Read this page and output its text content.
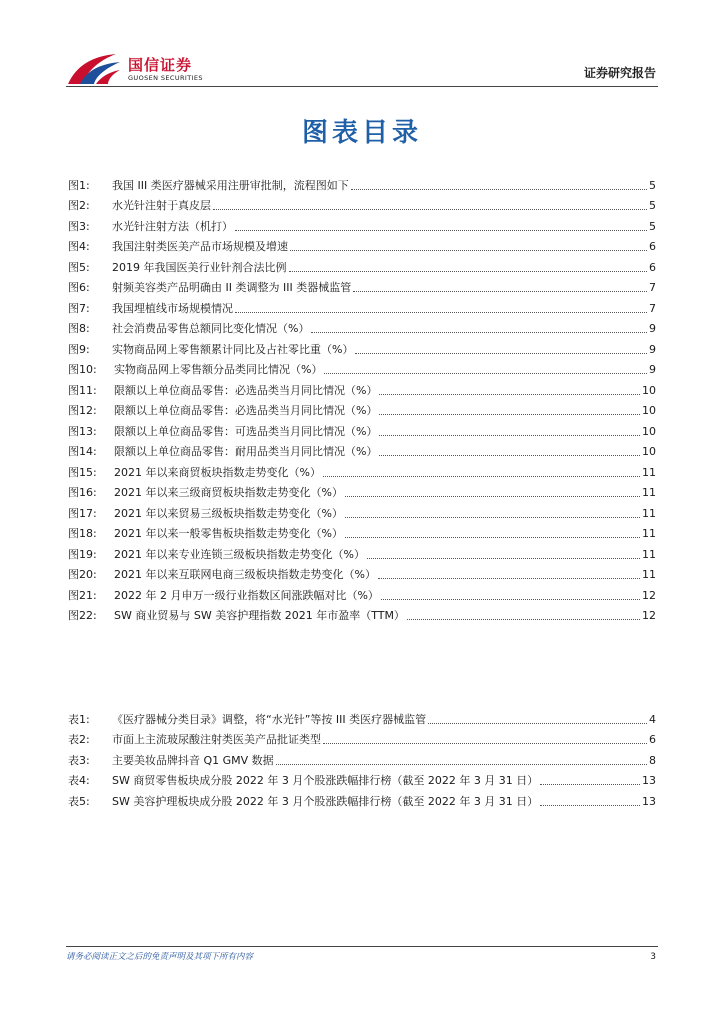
国信证券
GUOSEN SECURITIES	证券研究报告
图表目录
图1:	我国 III 类医疗器械采用注册审批制，流程图如下	5
图2:	水光针注射于真皮层	5
图3:	水光针注射方法（机打）	5
图4:	我国注射类医美产品市场规模及增速	6
图5:	2019 年我国医美行业针剂合法比例	6
图6:	射频美容类产品明确由 II 类调整为 III 类器械监管	7
图7:	我国埋植线市场规模情况	7
图8:	社会消费品零售总额同比变化情况（%）	9
图9:	实物商品网上零售额累计同比及占社零比重（%）	9
图10:	实物商品网上零售额分品类同比情况（%）	9
图11:	限额以上单位商品零售：必选品类当月同比情况（%）	10
图12:	限额以上单位商品零售：必选品类当月同比情况（%）	10
图13:	限额以上单位商品零售：可选品类当月同比情况（%）	10
图14:	限额以上单位商品零售：耐用品类当月同比情况（%）	10
图15:	2021 年以来商贸板块指数走势变化（%）	11
图16:	2021 年以来三级商贸板块指数走势变化（%）	11
图17:	2021 年以来贸易三级板块指数走势变化（%）	11
图18:	2021 年以来一般零售板块指数走势变化（%）	11
图19:	2021 年以来专业连锁三级板块指数走势变化（%）	11
图20:	2021 年以来互联网电商三级板块指数走势变化（%）	11
图21:	2022 年 2 月申万一级行业指数区间涨跌幅对比（%）	12
图22:	SW 商业贸易与 SW 美容护理指数 2021 年市盈率（TTM）	12
表1:	《医疗器械分类目录》调整，将“水光针”等按 III 类医疗器械监管	4
表2:	市面上主流玻尿酸注射类医美产品批证类型	6
表3:	主要美妆品牌抖音 Q1 GMV 数据	8
表4:	SW 商贸零售板块成分股 2022 年 3 月个股涨跌幅排行榜（截至 2022 年 3 月 31 日）	13
表5:	SW 美容护理板块成分股 2022 年 3 月个股涨跌幅排行榜（截至 2022 年 3 月 31 日）	13
请务必阅读正文之后的免责声明及其项下所有内容	3
